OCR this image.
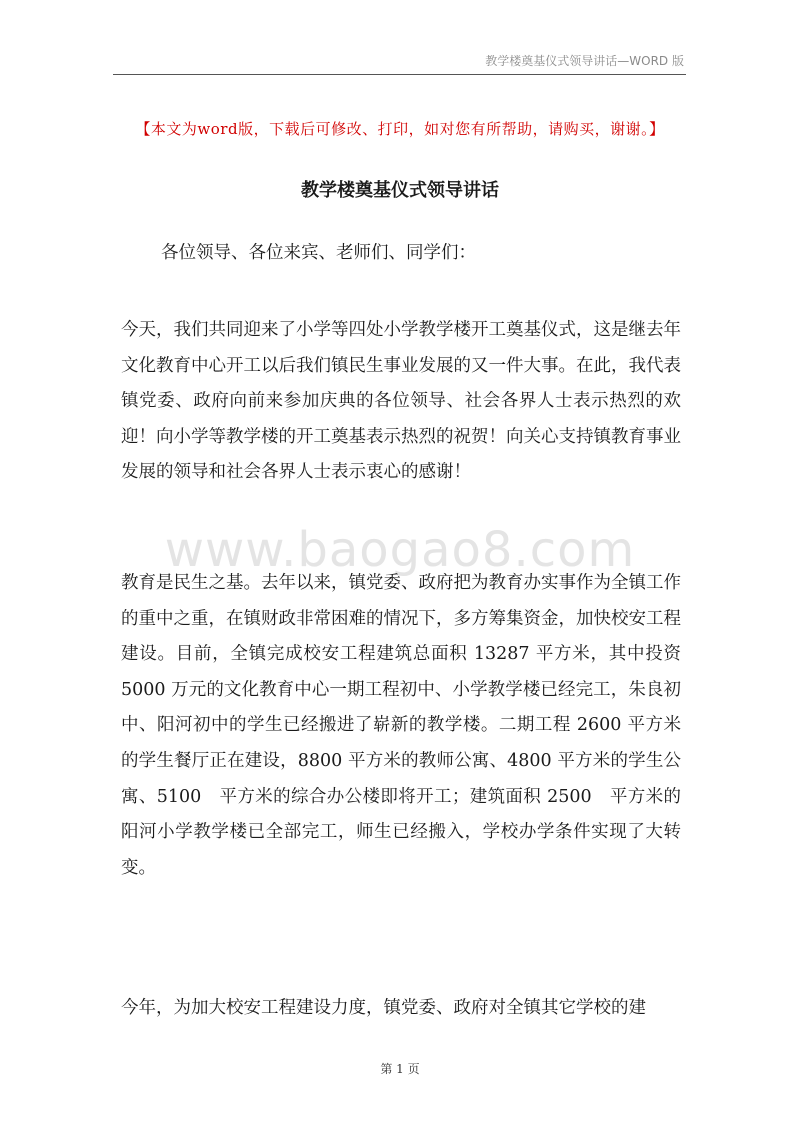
教学楼奠基仪式领导讲话—WORD 版
【本文为word版，下载后可修改、打印，如对您有所帮助，请购买，谢谢。】
教学楼奠基仪式领导讲话
各位领导、各位来宾、老师们、同学们：

今天，我们共同迎来了小学等四处小学教学楼开工奠基仪式，这是继去年文化教育中心开工以后我们镇民生事业发展的又一件大事。在此，我代表镇党委、政府向前来参加庆典的各位领导、社会各界人士表示热烈的欢迎！向小学等教学楼的开工奠基表示热烈的祝贺！向关心支持镇教育事业发展的领导和社会各界人士表示衷心的感谢！

www.baogao8.com

教育是民生之基。去年以来，镇党委、政府把为教育办实事作为全镇工作的重中之重，在镇财政非常困难的情况下，多方筹集资金，加快校安工程建设。目前，全镇完成校安工程建筑总面积 13287 平方米，其中投资 5000 万元的文化教育中心一期工程初中、小学教学楼已经完工，朱良初中、阳河初中的学生已经搬进了崭新的教学楼。二期工程 2600 平方米的学生餐厅正在建设，8800 平方米的教师公寓、4800 平方米的学生公寓、5100　平方米的综合办公楼即将开工；建筑面积 2500　平方米的阳河小学教学楼已全部完工，师生已经搬入，学校办学条件实现了大转变。

今年，为加大校安工程建设力度，镇党委、政府对全镇其它学校的建

第 1 页
